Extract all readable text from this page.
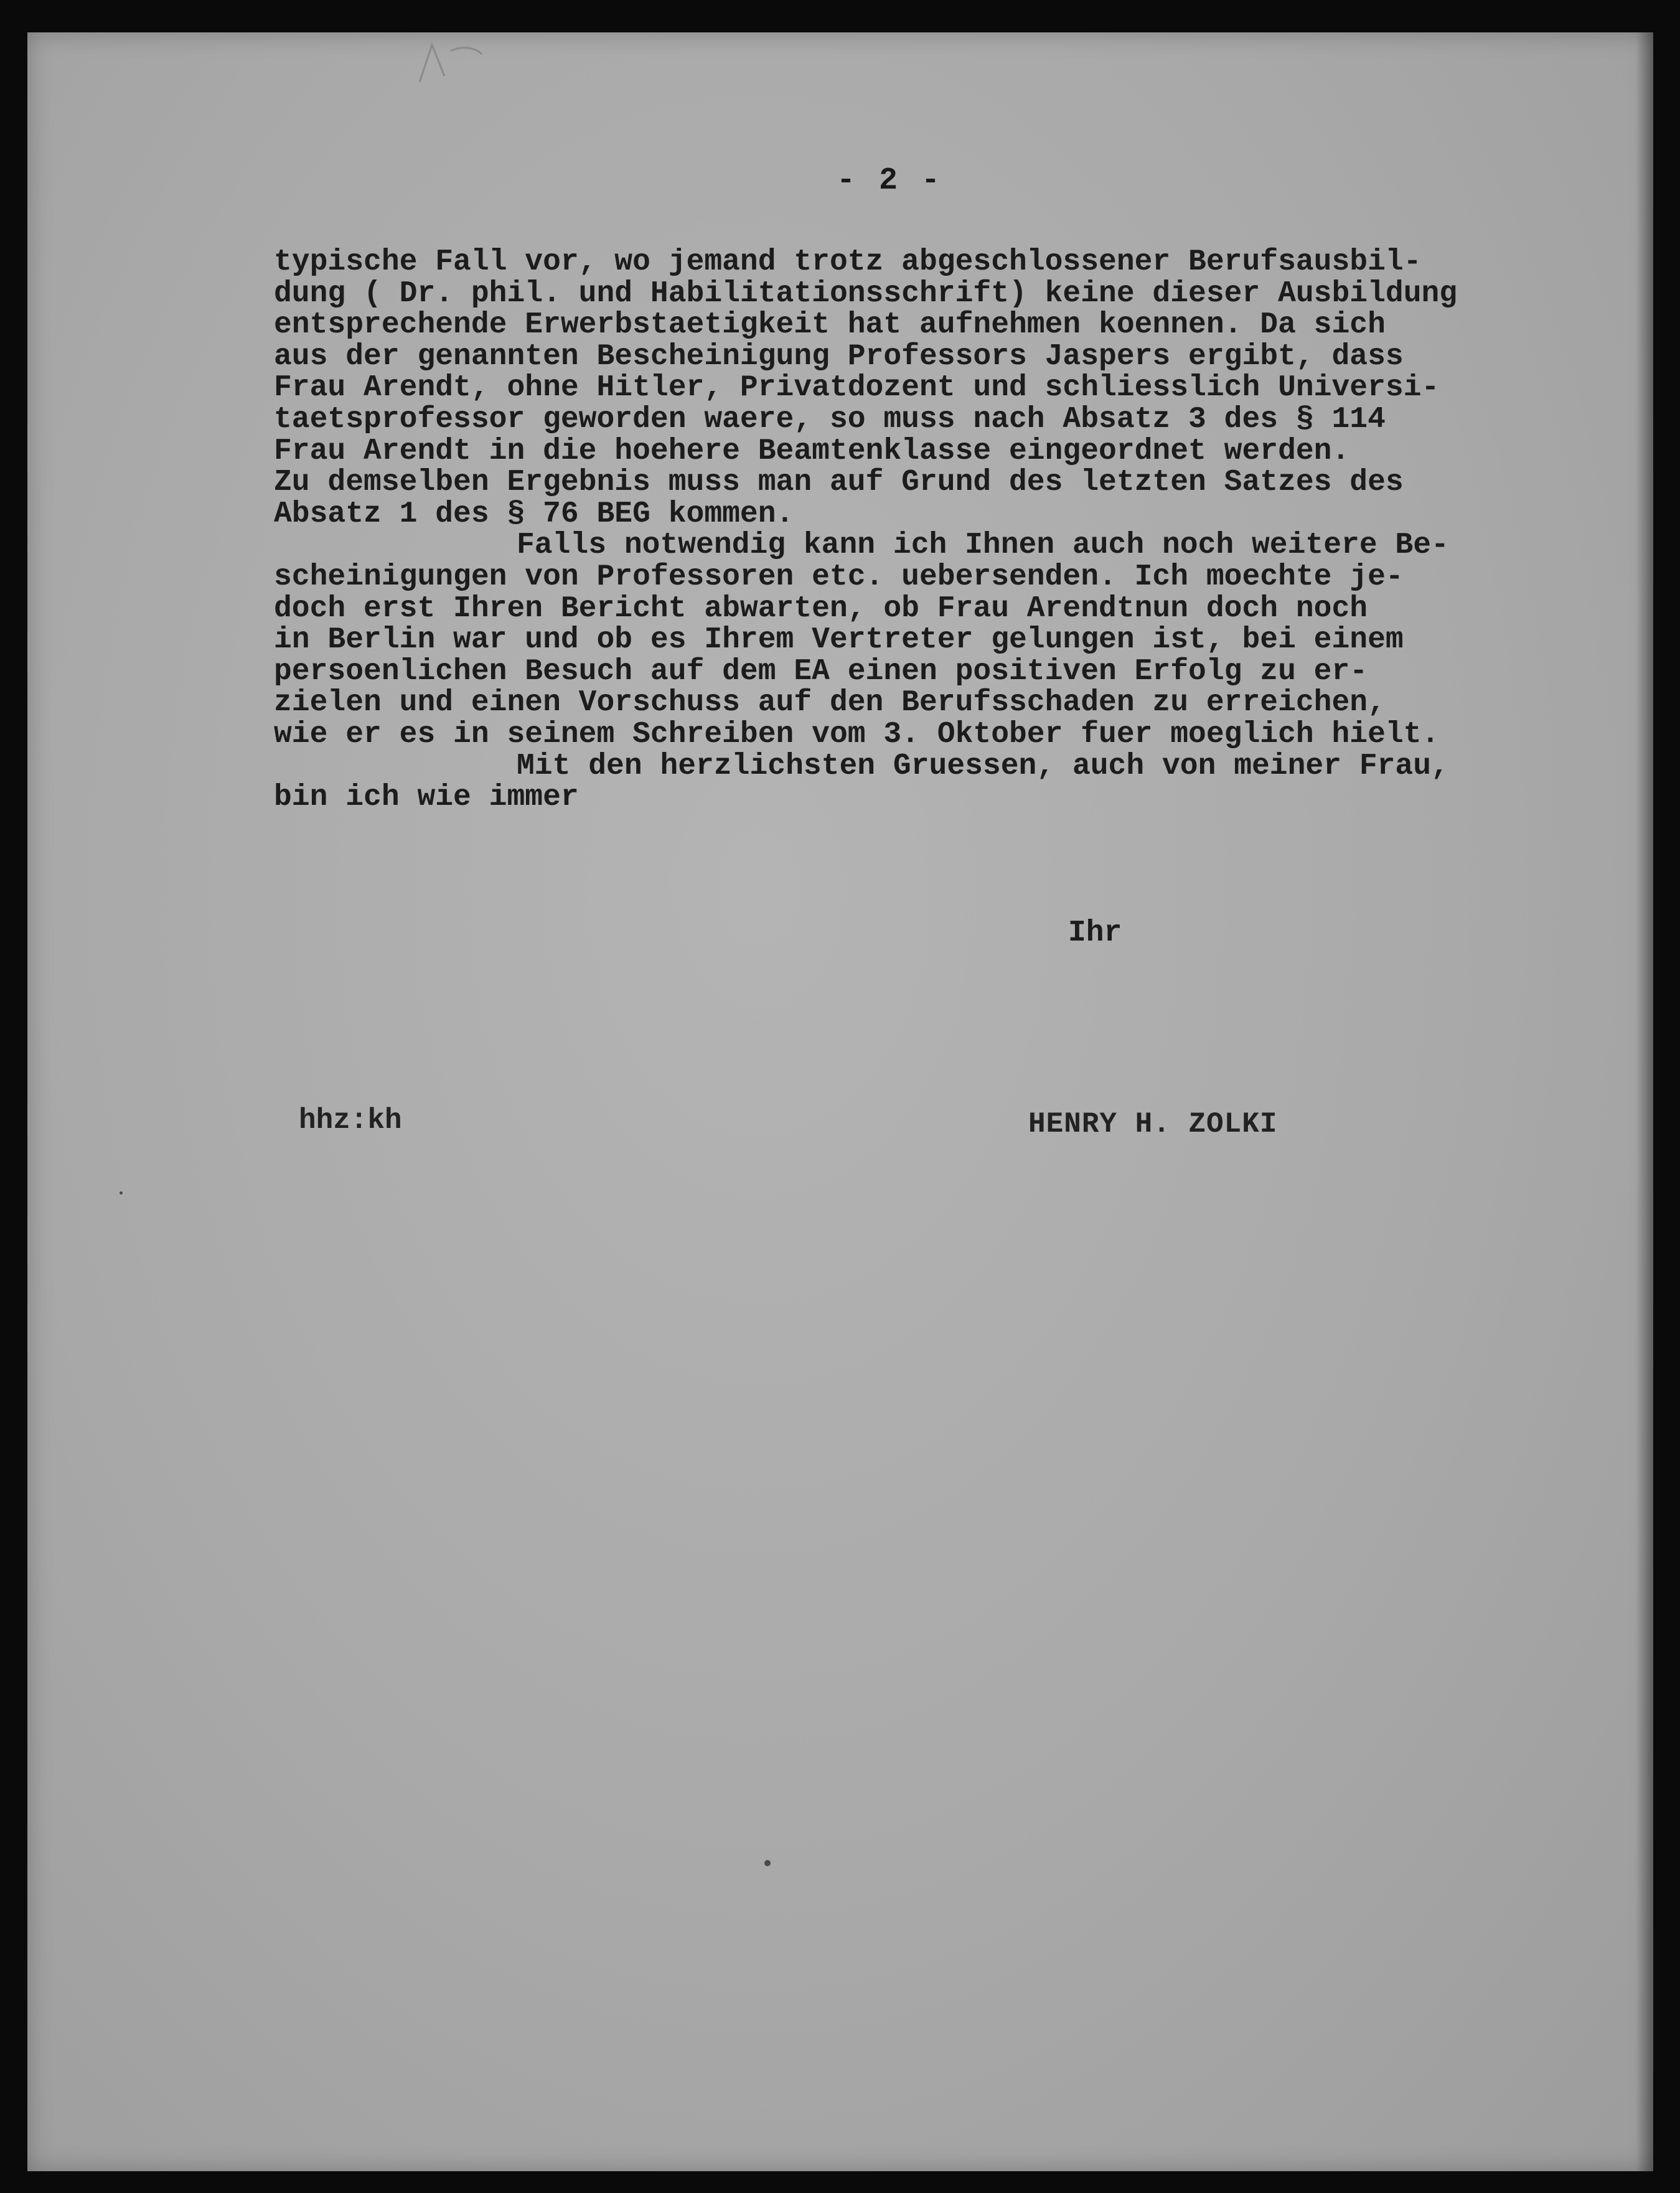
- 2 -
typische Fall vor, wo jemand trotz abgeschlossener Berufsausbil-
dung ( Dr. phil. und Habilitationsschrift) keine dieser Ausbildung
entsprechende Erwerbstaetigkeit hat aufnehmen koennen. Da sich
aus der genannten Bescheinigung Professors Jaspers ergibt, dass
Frau Arendt, ohne Hitler, Privatdozent und schliesslich Universi-
taetsprofessor geworden waere, so muss nach Absatz 3 des § 114
Frau Arendt in die hoehere Beamtenklasse eingeordnet werden.
Zu demselben Ergebnis muss man auf Grund des letzten Satzes des
Absatz 1 des § 76 BEG kommen.
Falls notwendig kann ich Ihnen auch noch weitere Be-
scheinigungen von Professoren etc. uebersenden. Ich moechte je-
doch erst Ihren Bericht abwarten, ob Frau Arendtnun doch noch
in Berlin war und ob es Ihrem Vertreter gelungen ist, bei einem
persoenlichen Besuch auf dem EA einen positiven Erfolg zu er-
zielen und einen Vorschuss auf den Berufsschaden zu erreichen,
wie er es in seinem Schreiben vom 3. Oktober fuer moeglich hielt.
Mit den herzlichsten Gruessen, auch von meiner Frau,
bin ich wie immer
Ihr
hhz:kh	HENRY H. ZOLKI
